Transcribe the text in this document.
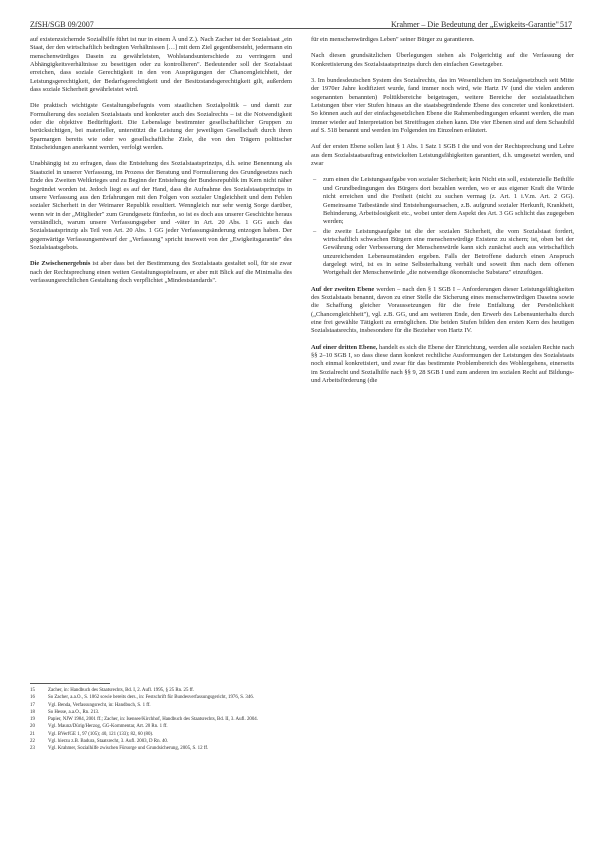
ZfSH/SGB 09/2007	Krahmer – Die Bedeutung der „Ewigkeits-Garantie" 517

auf existenzsichernde Sozialhilfe führt ist nur in einem Ä und Z.). Nach Zacher ist der Sozialstaat „ein Staat, der den wirtschaftlich bedingten Verhältnissen […] mit dem Ziel gegenübersteht, jedermann ein menschenwürdiges Dasein zu gewährleisten, Wohlstandsunterschiede zu verringern und Abhängigkeitsverhältnisse zu beseitigen oder zu kontrollieren". Bedeutender soll der Sozialstaat erreichen, dass soziale Gerechtigkeit in den von Ausprägungen der Chancengleichheit, der Leistungsgerechtigkeit, der Bedarfsgerechtigkeit und der Besitzstandsgerechtigkeit gilt, außerdem dass soziale Sicherheit gewährleistet wird.

Die praktisch wichtigste Gestaltungsbefugnis vom staatlichen Sozialpolitik – und damit zur Formulierung des sozialen Sozialstaats und konkreter auch des Sozialrechts – ist die Notwendigkeit oder die objektive Bedürftigkeit. Die Lebenslage bestimmter gesellschaftlicher Gruppen zu berücksichtigen, bei materieller, unterstützt die Leistung der jeweiligen Gesellschaft durch ihren Sparmargen bereits wie oder wo gesellschaftliche Ziele, die von den Trägern politischer Entscheidungen anerkannt werden, verfolgt werden.

Unabhängig ist zu erfragen, dass die Entstehung des Sozialstaatsprinzips, d.h. seine Benennung als Staatsziel in unserer Verfassung, im Prozess der Beratung und Formulierung des Grundgesetzes nach Ende des Zweiten Weltkrieges und zu Beginn der Entstehung der Bundesrepublik im Kern nicht näher begründet worden ist. Jedoch liegt es auf der Hand, dass die Aufnahme des Sozialstaatsprinzips in unsere Verfassung aus den Erfahrungen mit den Folgen von sozialer Ungleichheit und dem Fehlen sozialer Sicherheit in der Weimarer Republik resultiert. Wenngleich nur sehr wenig Sorge darüber, wenn wir in der „Mitglieder" zum Grundgesetz fünfzehn, so ist es doch aus unserer Geschichte heraus verständlich, warum unsere Verfassungsgeber und -väter in Art. 20 Abs. 1 GG auch das Sozialstaatsprinzip als Teil von Art. 20 Abs. 1 GG jeder Verfassungsänderung entzogen haben. Der gegenwärtige Verfassungsentwurf der „Verfassung" spricht insoweit von der „Ewigkeitsgarantie" des Sozialstaatsgebots.

Die Zwischenergebnis ist aber dass bei der Bestimmung des Sozialstaats gestaltet soll, für sie zwar nach der Rechtsprechung einen weiten Gestaltungsspielraum, er aber mit Blick auf die Minimalia des verfassungsrechtlichen Gestaltung doch verpflichtet „Mindeststandards".

15	Zacher, in: Handbuch des Staatsrechts, Bd. I, 2. Aufl. 1995, § 25 Rn. 25 ff.
16	So Zacher, a.a.O., S. 1062 sowie bereits ders., in: Festschrift für Bundesverfassungsgericht, 1976, S. 346.
17	Vgl. Benda, Verfassungsrecht, in: Handbuch, S. 1 ff.
18	So Hesse, a.a.O., Rn. 213.
19	Papier, NJW 1984, 2001 ff.; Zacher, in: Isensee/Kirchhof, Handbuch des Staatsrechts, Bd. II, 3. Aufl. 2004.
20	Vgl. Maunz/Dürig/Herzog, GG-Kommentar, Art. 20 Rn. 1 ff.
21	Vgl. BVerfGE 1, 97 (105); 40, 121 (133); 82, 60 (80).
22	Vgl. hierzu z.B. Badura, Staatsrecht, 3. Aufl. 2003, D Rn. 40.
23	Vgl. Krahmer, Sozialhilfe zwischen Fürsorge und Grundsicherung, 2005, S. 12 ff.

für ein menschenwürdiges Leben" seiner Bürger zu garantieren.

Nach diesen grundsätzlichen Überlegungen stehen als Folgerichtig auf die Verfassung der Konkretisierung des Sozialstaatsprinzips durch den einfachen Gesetzgeber.

3. Im bundesdeutschen System des Sozialrechts, das im Wesentlichen im Sozialgesetzbuch seit Mitte der 1970er Jahre kodifiziert wurde, fand immer noch wird, wie Hartz IV (und die vielen anderen sogenannten benannten) Politikbereiche beigetragen, weitere Bereiche der sozialstaatlichen Leistungen über vier Stufen hinaus an die staatsbegründende Ebene des concreter und konkretisiert. So können auch auf der einfachgesetzlichen Ebene die Rahmenbedingungen erkannt werden, die man immer wieder auf Interpretation bei Streitfragen ziehen kann. Die vier Ebenen sind auf dem Schaubild auf S. 518 benannt und werden im Folgenden im Einzelnen erläutert.

Auf der ersten Ebene sollen laut § 1 Abs. 1 Satz 1 SGB I die und von der Rechtsprechung und Lehre aus dem Sozialstaatsauftrag entwickelten Leistungsfähigkeiten garantiert, d.h. umgesetzt werden, und zwar

– zum einen die Leistungsaufgabe von sozialer Sicherheit; kein Nicht ein soll, existenzielle Beihilfe und Grundbedingungen des Bürgers dort bezahlen werden, wo er aus eigener Kraft die Würde nicht erreichen und die Freiheit (nicht zu suchen vermag (z. Art. 1 i.V.m. Art. 2 GG). Gemeinsame Tatbestände sind Entstehungsursachen, z.B. aufgrund sozialer Herkunft, Krankheit, Behinderung, Arbeitslosigkeit etc., wobei unter dem Aspekt des Art. 3 GG schlicht das zugegeben werden;
– die zweite Leistungsaufgabe ist die der sozialen Sicherheit, die vom Sozialstaat fordert, wirtschaftlich schwachen Bürgern eine menschenwürdige Existenz zu sichern; ist, oben bei der Gewährung oder Verbesserung der Menschenwürde kann sich zunächst auch aus wirtschaftlich unzureichenden Lebensumständen ergeben. Falls der Betroffene dadurch einen Anspruch dargelegt wird, ist es in seine Selbsterhaltung verhält und soweit ihm nach dem offenen Wortgehalt der Menschenwürde „die notwendige ökonomische Substanz" einzufügen.

Auf der zweiten Ebene werden – nach den § 1 SGB I – Anforderungen dieser Leistungsfähigkeiten des Sozialstaats benannt, davon zu einer Stelle die Sicherung eines menschenwürdigen Daseins sowie die Schaffung gleicher Voraussetzungen für die freie Entfaltung der Persönlichkeit („Chancengleichheit"), vgl. z.B. GG, und am weiteren Ende, den Erwerb des Lebensunterhalts durch eine frei gewählte Tätigkeit zu ermöglichen. Die beiden Stufen bilden den ersten Kern des heutigen Sozialstaatsrechts, insbesondere für die Bezieher von Hartz IV.

Auf einer dritten Ebene, handelt es sich die Ebene der Einrichtung, werden alle sozialen Rechte nach §§ 2–10 SGB I, so dass diese dann konkret rechtliche Ausformungen der Leistungen des Sozialstaats noch einmal konkretisiert, und zwar für das bestimmte Problembereich des Wohlergehens, einerseits im Sozialrecht und Sozialhilfe nach §§ 9, 28 SGB I und zum anderen im sozialen Recht auf Bildungs- und Arbeitsförderung (die
